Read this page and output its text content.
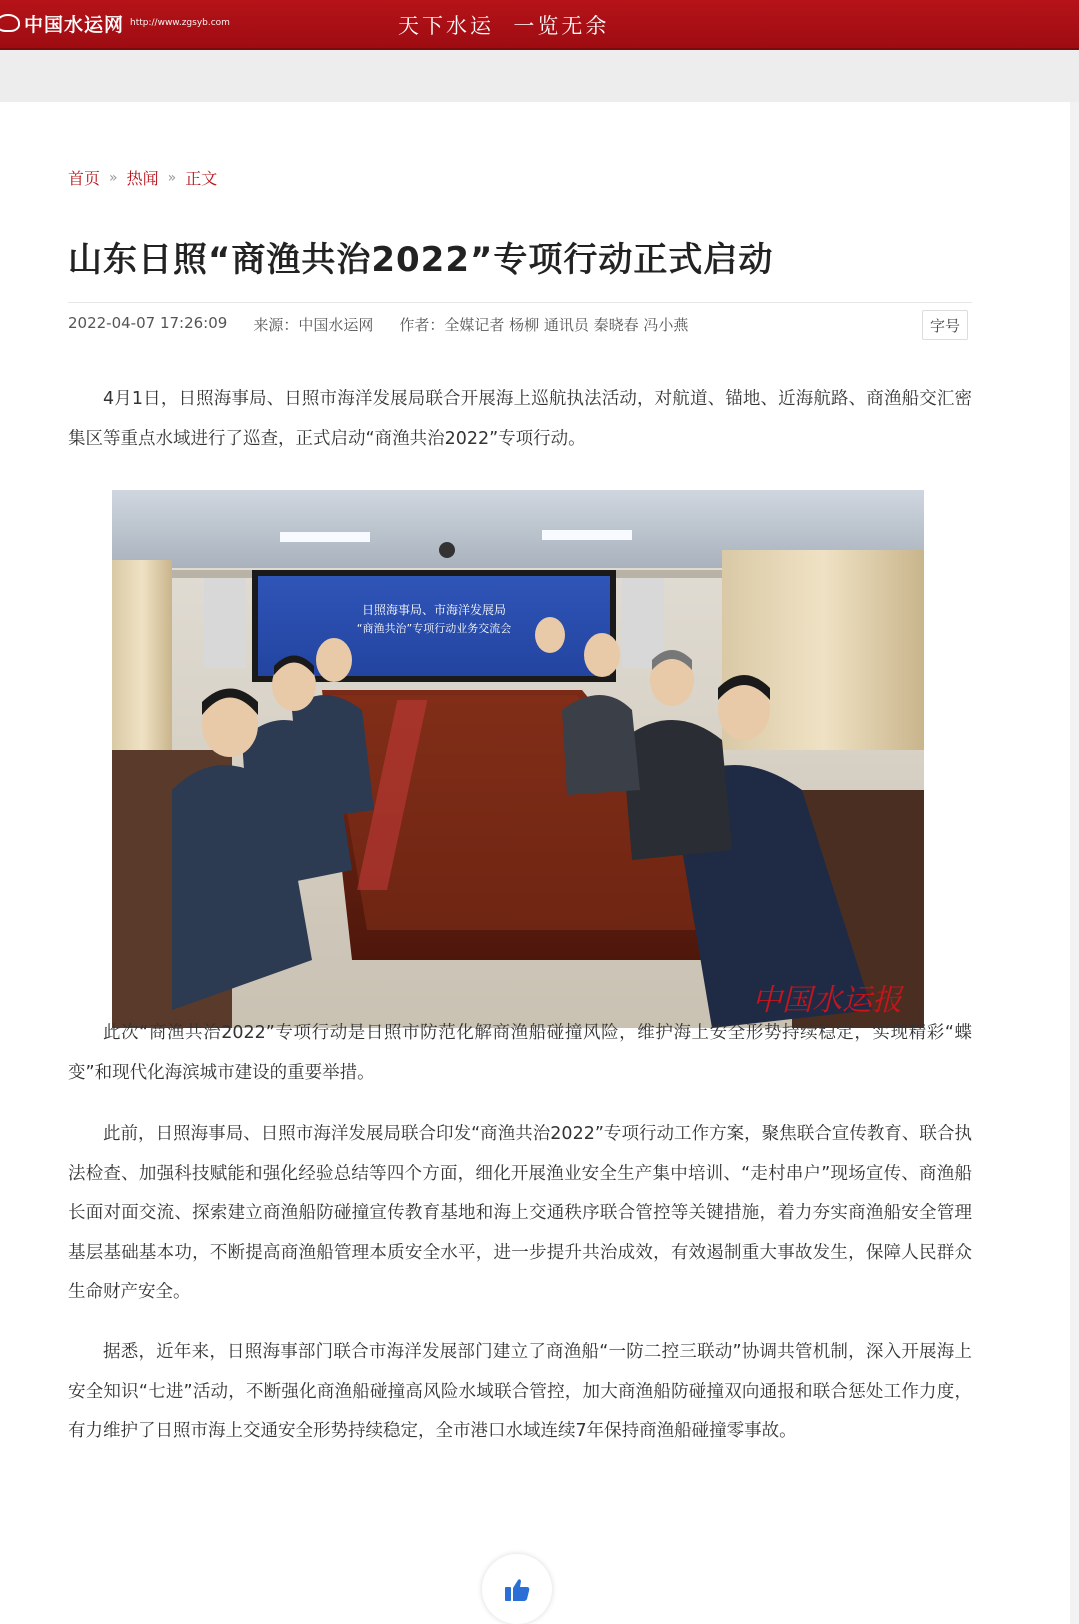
中国水运网 http://www.zgsyb.com	天下水运  一览无余
首页 » 热闻 » 正文
山东日照“商渔共治2022”专项行动正式启动
2022-04-07 17:26:09 来源：中国水运网 作者：全媒记者 杨柳 通讯员 秦晓春 冯小燕	字号

4月1日，日照海事局、日照市海洋发展局联合开展海上巡航执法活动，对航道、锚地、近海航路、商渔船交汇密集区等重点水域进行了巡查，正式启动“商渔共治2022”专项行动。

日照海事局、市海洋发展局
“商渔共治”专项行动业务交流会
中国水运报

此次“商渔共治2022”专项行动是日照市防范化解商渔船碰撞风险，维护海上安全形势持续稳定，实现精彩“蝶变”和现代化海滨城市建设的重要举措。

此前，日照海事局、日照市海洋发展局联合印发“商渔共治2022”专项行动工作方案，聚焦联合宣传教育、联合执法检查、加强科技赋能和强化经验总结等四个方面，细化开展渔业安全生产集中培训、“走村串户”现场宣传、商渔船长面对面交流、探索建立商渔船防碰撞宣传教育基地和海上交通秩序联合管控等关键措施，着力夯实商渔船安全管理基层基础基本功，不断提高商渔船管理本质安全水平，进一步提升共治成效，有效遏制重大事故发生，保障人民群众生命财产安全。

据悉，近年来，日照海事部门联合市海洋发展部门建立了商渔船“一防二控三联动”协调共管机制，深入开展海上安全知识“七进”活动，不断强化商渔船碰撞高风险水域联合管控，加大商渔船防碰撞双向通报和联合惩处工作力度，有力维护了日照市海上交通安全形势持续稳定，全市港口水域连续7年保持商渔船碰撞零事故。
